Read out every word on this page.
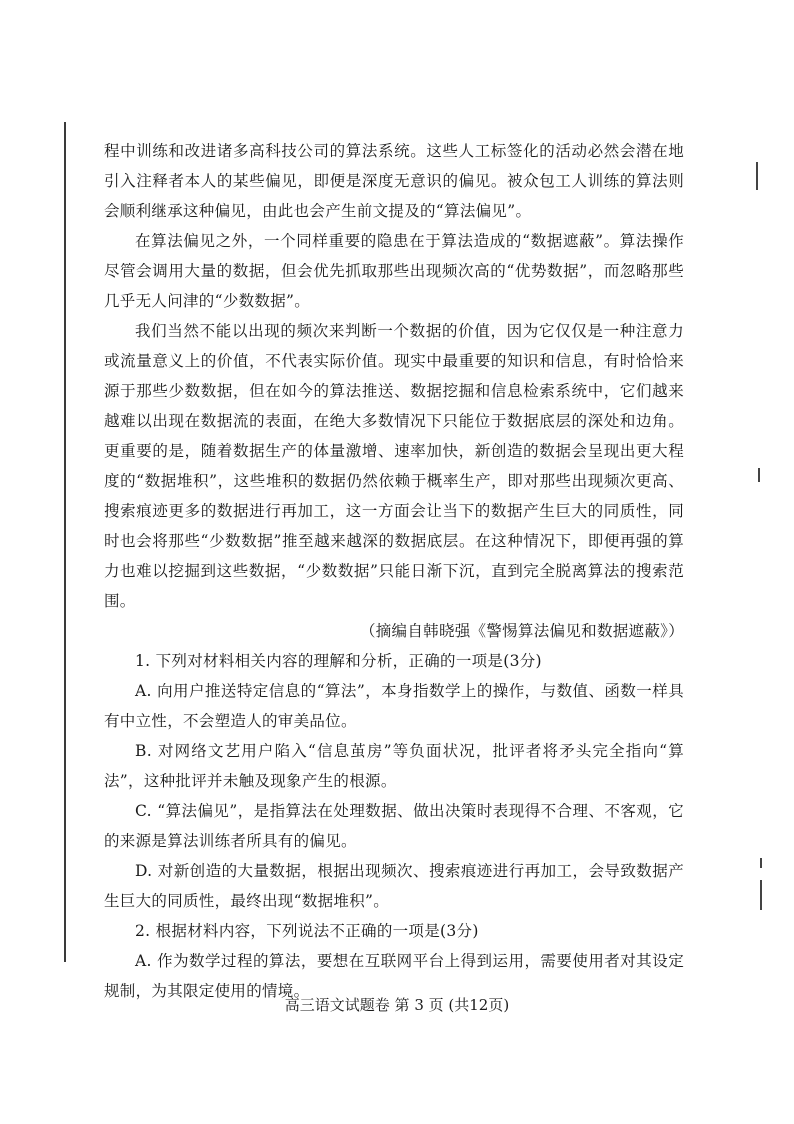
程中训练和改进诸多高科技公司的算法系统。这些人工标签化的活动必然会潜在地引入注释者本人的某些偏见，即便是深度无意识的偏见。被众包工人训练的算法则会顺利继承这种偏见，由此也会产生前文提及的“算法偏见”。

在算法偏见之外，一个同样重要的隐患在于算法造成的“数据遮蔽”。算法操作尽管会调用大量的数据，但会优先抓取那些出现频次高的“优势数据”，而忽略那些几乎无人问津的“少数数据”。

我们当然不能以出现的频次来判断一个数据的价值，因为它仅仅是一种注意力或流量意义上的价值，不代表实际价值。现实中最重要的知识和信息，有时恰恰来源于那些少数数据，但在如今的算法推送、数据挖掘和信息检索系统中，它们越来越难以出现在数据流的表面，在绝大多数情况下只能位于数据底层的深处和边角。更重要的是，随着数据生产的体量激增、速率加快，新创造的数据会呈现出更大程度的“数据堆积”，这些堆积的数据仍然依赖于概率生产，即对那些出现频次更高、搜索痕迹更多的数据进行再加工，这一方面会让当下的数据产生巨大的同质性，同时也会将那些“少数数据”推至越来越深的数据底层。在这种情况下，即便再强的算力也难以挖掘到这些数据，“少数数据”只能日渐下沉，直到完全脱离算法的搜索范围。

（摘编自韩晓强《警惕算法偏见和数据遮蔽》）

1. 下列对材料相关内容的理解和分析，正确的一项是(3分)

A. 向用户推送特定信息的“算法”，本身指数学上的操作，与数值、函数一样具有中立性，不会塑造人的审美品位。

B. 对网络文艺用户陷入“信息茧房”等负面状况，批评者将矛头完全指向“算法”，这种批评并未触及现象产生的根源。

C. “算法偏见”，是指算法在处理数据、做出决策时表现得不合理、不客观，它的来源是算法训练者所具有的偏见。

D. 对新创造的大量数据，根据出现频次、搜索痕迹进行再加工，会导致数据产生巨大的同质性，最终出现“数据堆积”。

2. 根据材料内容，下列说法不正确的一项是(3分)

A. 作为数学过程的算法，要想在互联网平台上得到运用，需要使用者对其设定规制，为其限定使用的情境。

高三语文试题卷 第 3 页 (共12页)
